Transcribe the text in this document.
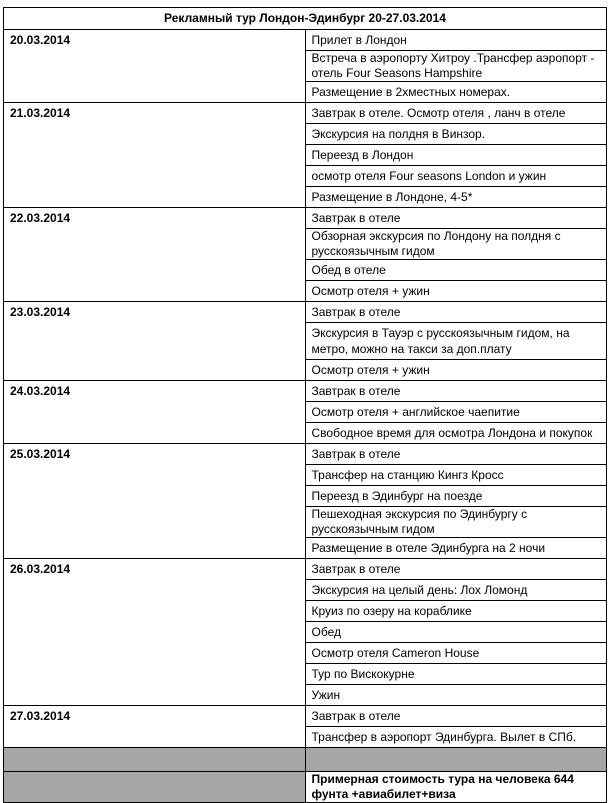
Рекламный тур Лондон-Эдинбург 20-27.03.2014	
20.03.2014	Прилет в Лондон
	Встреча в аэропорту Хитроу .Трансфер аэропорт - отель Four Seasons Hampshire
	Размещение в 2хместных номерах.
21.03.2014	Завтрак в отеле. Осмотр отеля , ланч в отеле
	Экскурсия на полдня в Винзор.
	Переезд в Лондон
	осмотр отеля Four seasons London и ужин
	Размещение в Лондоне, 4-5*
22.03.2014	Завтрак в отеле
	Обзорная экскурсия по Лондону на полдня с русскоязычным гидом
	Обед в отеле
	Осмотр отеля + ужин
23.03.2014	Завтрак в отеле
	Экскурсия в Тауэр с русскоязычным гидом, на метро, можно на такси за доп.плату
	Осмотр отеля + ужин
24.03.2014	Завтрак в отеле
	Осмотр отеля + английское чаепитие
	Свободное время для осмотра Лондона и покупок
25.03.2014	Завтрак в отеле
	Трансфер на станцию Кингз Кросс
	Переезд в Эдинбург на поезде
	Пешеходная экскурсия по Эдинбургу с русскоязычным гидом
	Размещение в отеле Эдинбурга на 2 ночи
26.03.2014	Завтрак в отеле
	Экскурсия на целый день: Лох Ломонд
	Круиз по озеру на кораблике
	Обед
	Осмотр отеля Cameron House
	Тур по Вискокурне
	Ужин
27.03.2014	Завтрак в отеле
	Трансфер в аэропорт Эдинбурга. Вылет в СПб.

	Примерная стоимость тура на человека 644 фунта +авиабилет+виза
